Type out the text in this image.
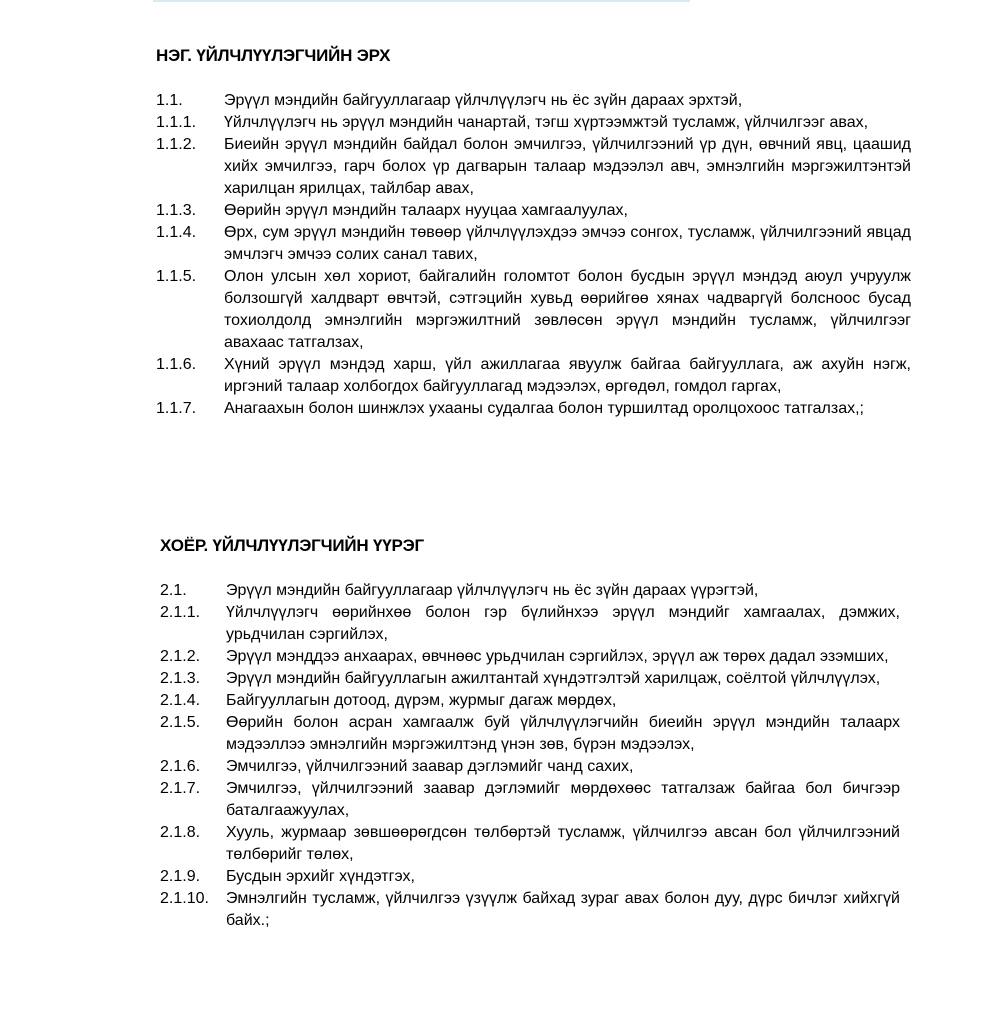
НЭГ. ҮЙЛЧЛҮҮЛЭГЧИЙН ЭРХ
1.1.	Эрүүл мэндийн байгууллагаар үйлчлүүлэгч нь ёс зүйн дараах эрхтэй,
1.1.1.	Үйлчлүүлэгч нь эрүүл мэндийн чанартай, тэгш хүртээмжтэй тусламж, үйлчилгээг авах,
1.1.2.	Биеийн эрүүл мэндийн байдал болон эмчилгээ, үйлчилгээний үр дүн, өвчний явц, цаашид хийх эмчилгээ, гарч болох үр дагварын талаар мэдээлэл авч, эмнэлгийн мэргэжилтэнтэй харилцан ярилцах, тайлбар авах,
1.1.3.	Өөрийн эрүүл мэндийн талаарх нууцаа хамгаалуулах,
1.1.4.	Өрх, сум эрүүл мэндийн төвөөр үйлчлүүлэхдээ эмчээ сонгох, тусламж, үйлчилгээний явцад эмчлэгч эмчээ солих санал тавих,
1.1.5.	Олон улсын хөл хориот, байгалийн голомтот болон бусдын эрүүл мэндэд аюул учруулж болзошгүй халдварт өвчтэй, сэтгэцийн хувьд өөрийгөө хянах чадваргүй болсноос бусад тохиолдолд эмнэлгийн мэргэжилтний зөвлөсөн эрүүл мэндийн тусламж, үйлчилгээг авахаас татгалзах,
1.1.6.	Хүний эрүүл мэндэд харш, үйл ажиллагаа явуулж байгаа байгууллага, аж ахуйн нэгж, иргэний талаар холбогдох байгууллагад мэдээлэх, өргөдөл, гомдол гаргах,
1.1.7.	Анагаахын болон шинжлэх ухааны судалгаа болон туршилтад оролцохоос татгалзах,;
ХОЁР. ҮЙЛЧЛҮҮЛЭГЧИЙН ҮҮРЭГ
2.1.	Эрүүл мэндийн байгууллагаар үйлчлүүлэгч нь ёс зүйн дараах үүрэгтэй,
2.1.1.	Үйлчлүүлэгч өөрийнхөө болон гэр бүлийнхээ эрүүл мэндийг хамгаалах, дэмжих, урьдчилан сэргийлэх,
2.1.2.	Эрүүл мэнддээ анхаарах, өвчнөөс урьдчилан сэргийлэх, эрүүл аж төрөх дадал эзэмших,
2.1.3.	Эрүүл мэндийн байгууллагын ажилтантай хүндэтгэлтэй харилцаж, соёлтой үйлчлүүлэх,
2.1.4.	Байгууллагын дотоод, дүрэм, журмыг дагаж мөрдөх,
2.1.5.	Өөрийн болон асран хамгаалж буй үйлчлүүлэгчийн биеийн эрүүл мэндийн талаарх мэдээллээ эмнэлгийн мэргэжилтэнд үнэн зөв, бүрэн мэдээлэх,
2.1.6.	Эмчилгээ, үйлчилгээний заавар дэглэмийг чанд сахих,
2.1.7.	Эмчилгээ, үйлчилгээний заавар дэглэмийг мөрдөхөөс татгалзаж байгаа бол бичгээр баталгаажуулах,
2.1.8.	Хууль, журмаар зөвшөөрөгдсөн төлбөртэй тусламж, үйлчилгээ авсан бол үйлчилгээний төлбөрийг төлөх,
2.1.9.	Бусдын эрхийг хүндэтгэх,
2.1.10.	Эмнэлгийн тусламж, үйлчилгээ үзүүлж байхад зураг авах болон дуу, дүрс бичлэг хийхгүй байх.;
